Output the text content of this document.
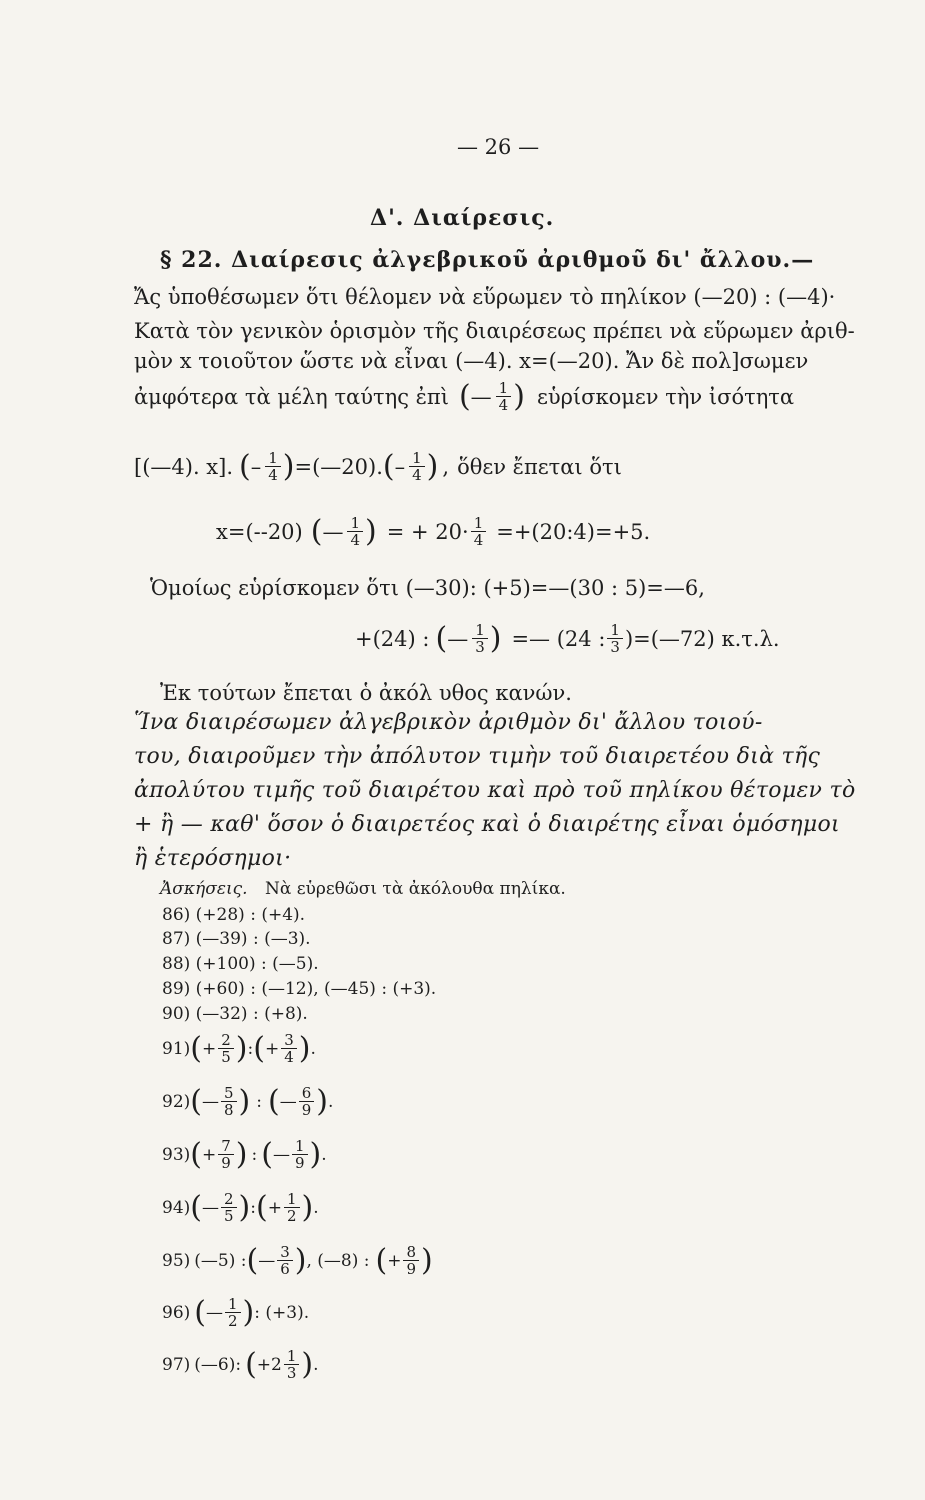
— 26 —
Δ'. Διαίρεσις.
§ 22. Διαίρεσις ἀλγεβρικοῦ ἀριθμοῦ δι' ἄλλου.—
Ἄς ὑποθέσωμεν ὅτι θέλομεν νὰ εὕρωμεν τὸ πηλίκον (—20) : (—4)·
Κατὰ τὸν γενικὸν ὁρισμὸν τῆς διαιρέσεως πρέπει νὰ εὕρωμεν ἀριθ-
μὸν x τοιοῦτον ὥστε νὰ εἶναι (—4). x=(—20). Ἄν δὲ πολ]σωμεν
ἀμφότερα τὰ μέλη ταύτης ἐπὶ ( — $\frac{1}{4}$ ) εὑρίσκομεν τὴν ἰσότητα
[(—4). x]. ( – $\frac{1}{4}$ ) =(—20). ( – $\frac{1}{4}$ ) , ὅθεν ἔπεται ὅτι
x=(--20) ( — $\frac{1}{4}$ ) = + $20\cdot \frac{1}{4}$ =+(20:4)=+5.
Ὁμοίως εὑρίσκομεν ὅτι (—30): (+5)=—(30 : 5)=—6,
+(24) : ( — $\frac{1}{3}$ ) =— (24 : $\frac{1}{3}$ )=(—72) κ.τ.λ.
Ἐκ τούτων ἔπεται ὁ ἀκόλ υθος κανών.
Ἵνα διαιρέσωμεν ἀλγεβρικὸν ἀριθμὸν δι' ἄλλου τοιού-
του, διαιροῦμεν τὴν ἀπόλυτον τιμὴν τοῦ διαιρετέου διὰ τῆς
ἀπολύτου τιμῆς τοῦ διαιρέτου καὶ πρὸ τοῦ πηλίκου θέτομεν τὸ
+ ἢ — καθ' ὅσον ὁ διαιρετέος καὶ ὁ διαιρέτης εἶναι ὁμόσημοι
ἢ ἑτερόσημοι·
Ἀσκήσεις. Νὰ εὑρεθῶσι τὰ ἀκόλουθα πηλίκα.
86) (+28) : (+4).
87) (—39) : (—3).
88) (+100) : (—5).
89) (+60) : (—12), (—45) : (+3).
90) (—32) : (+8).
91) ( + $\frac{2}{5}$ ) : ( + $\frac{3}{4}$ ) .
92) ( — $\frac{5}{8}$ ) : ( — $\frac{6}{9}$ ) .
93) ( + $\frac{7}{9}$ ) : ( — $\frac{1}{9}$ ) .
94) ( — $\frac{2}{5}$ ) : ( + $\frac{1}{2}$ ) .
95) (—5) : ( — $\frac{3}{6}$ ) , (—8) : ( + $\frac{8}{9}$ )
96) ( — $\frac{1}{2}$ ) : (+3).
97) (—6): ( $+2 \frac{1}{3}$ ) .
